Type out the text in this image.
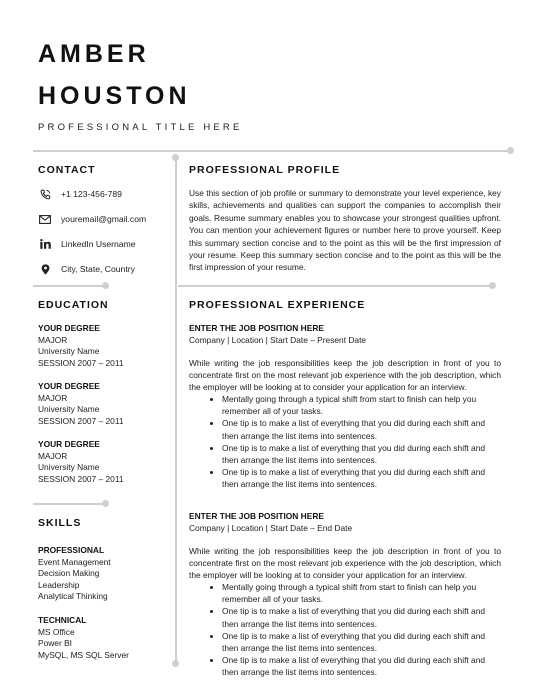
AMBER
HOUSTON
PROFESSIONAL TITLE HERE
CONTACT
+1 123-456-789
youremail@gmail.com
LinkedIn Username
City, State, Country
EDUCATION
YOUR DEGREE
MAJOR
University Name
SESSION 2007 – 2011
YOUR DEGREE
MAJOR
University Name
SESSION 2007 – 2011
YOUR DEGREE
MAJOR
University Name
SESSION 2007 – 2011
SKILLS
PROFESSIONAL
Event Management
Decision Making
Leadership
Analytical Thinking
TECHNICAL
MS Office
Power BI
MySQL, MS SQL Server
PROFESSIONAL PROFILE
Use this section of job profile or summary to demonstrate your level experience, key skills, achievements and qualities can support the companies to accomplish their goals. Resume summary enables you to showcase your strongest qualities upfront. You can mention your achievement figures or number here to prove yourself. Keep this summary section concise and to the point as this will be the first impression of your resume. Keep this summary section concise and to the point as this will be the first impression of your resume.
PROFESSIONAL EXPERIENCE
ENTER THE JOB POSITION HERE
Company | Location | Start Date – Present Date
While writing the job responsibilities keep the job description in front of you to concentrate first on the most relevant job experience with the job description, which the employer will be looking at to consider your application for an interview.
• Mentally going through a typical shift from start to finish can help you remember all of your tasks.
• One tip is to make a list of everything that you did during each shift and then arrange the list items into sentences.
• One tip is to make a list of everything that you did during each shift and then arrange the list items into sentences.
• One tip is to make a list of everything that you did during each shift and then arrange the list items into sentences.
ENTER THE JOB POSITION HERE
Company | Location | Start Date – End Date
While writing the job responsibilities keep the job description in front of you to concentrate first on the most relevant job experience with the job description, which the employer will be looking at to consider your application for an interview.
• Mentally going through a typical shift from start to finish can help you remember all of your tasks.
• One tip is to make a list of everything that you did during each shift and then arrange the list items into sentences.
• One tip is to make a list of everything that you did during each shift and then arrange the list items into sentences.
• One tip is to make a list of everything that you did during each shift and then arrange the list items into sentences.
